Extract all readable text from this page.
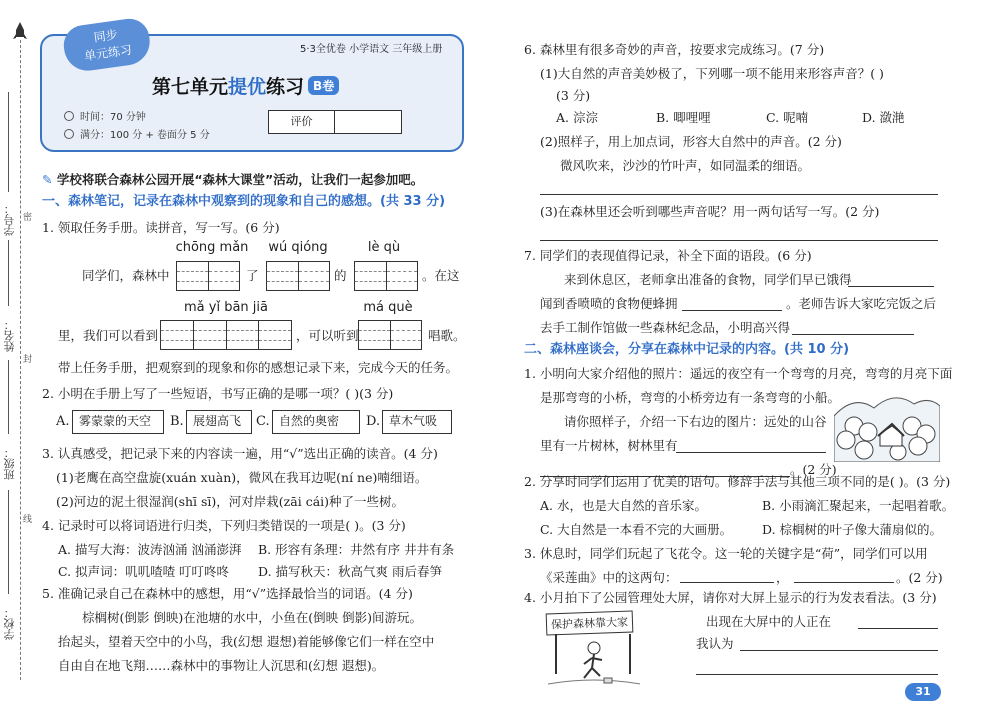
学号：
姓名：
班级：
学校：
密
封
线
同步
单元练习	5·3全优卷 小学语文 三年级上册
第七单元提优练习 B卷
时间：70 分钟
满分：100 分 + 卷面分 5 分
评价
✎ 学校将联合森林公园开展“森林大课堂”活动，让我们一起参加吧。
一、森林笔记，记录在森林中观察到的现象和自己的感想。(共 33 分)
1. 领取任务手册。读拼音，写一写。(6 分)
chōng mǎn	wú qióng	lè qù
同学们，森林中	了	的	。在这
mǎ yǐ bān jiā	má què
里，我们可以看到	，可以听到	唱歌。
带上任务手册，把观察到的现象和你的感想记录下来，完成今天的任务。
2. 小明在手册上写了一些短语，书写正确的是哪一项？( )(3 分)
A. 雾蒙蒙的天空	B. 展翅高飞	C. 自然的奥密	D. 草木气吸
3. 认真感受，把记录下来的内容读一遍，用“√”选出正确的读音。(4 分)
(1)老鹰在高空盘旋(xuán xuàn)，微风在我耳边呢(ní ne)喃细语。
(2)河边的泥土很湿润(shī sī)，河对岸栽(zāi cái)种了一些树。
4. 记录时可以将词语进行归类，下列归类错误的一项是( )。(3 分)
A. 描写大海：波涛汹涌 汹涌澎湃 B. 形容有条理：井然有序 井井有条
C. 拟声词：叽叽喳喳 叮叮咚咚 D. 描写秋天：秋高气爽 雨后春笋
5. 准确记录自己在森林中的感想，用“√”选择最恰当的词语。(4 分)
棕榈树(倒影 倒映)在池塘的水中，小鱼在(倒映 倒影)间游玩。
抬起头，望着天空中的小鸟，我(幻想 遐想)着能够像它们一样在空中
自由自在地飞翔……森林中的事物让人沉思和(幻想 遐想)。
6. 森林里有很多奇妙的声音，按要求完成练习。(7 分)
(1)大自然的声音美妙极了，下列哪一项不能用来形容声音？( )
(3 分)
A. 淙淙	B. 唧哩哩	C. 呢喃	D. 潋滟
(2)照样子，用上加点词，形容大自然中的声音。(2 分)
微风吹来，沙沙的竹叶声，如同温柔的细语。
(3)在森林里还会听到哪些声音呢？用一两句话写一写。(2 分)
7. 同学们的表现值得记录，补全下面的语段。(6 分)
来到休息区，老师拿出准备的食物，同学们早已饿得
闻到香喷喷的食物便蜂拥	。老师告诉大家吃完饭之后
去手工制作馆做一些森林纪念品，小明高兴得
二、森林座谈会，分享在森林中记录的内容。(共 10 分)
1. 小明向大家介绍他的照片：遥远的夜空有一个弯弯的月亮，弯弯的月亮下面
是那弯弯的小桥，弯弯的小桥旁边有一条弯弯的小船。
请你照样子，介绍一下右边的图片：远处的山谷
里有一片树林，树林里有
。(2 分)
2. 分享时同学们运用了优美的语句。修辞手法与其他三项不同的是( )。(3 分)
A. 水，也是大自然的音乐家。	B. 小雨滴汇聚起来，一起唱着歌。
C. 大自然是一本看不完的大画册。 D. 棕榈树的叶子像大蒲扇似的。
3. 休息时，同学们玩起了飞花令。这一轮的关键字是“荷”，同学们可以用
《采莲曲》中的这两句：	，	。(2 分)
4. 小月拍下了公园管理处大屏，请你对大屏上显示的行为发表看法。(3 分)
保护森林靠大家	出现在大屏中的人正在
我认为
31
